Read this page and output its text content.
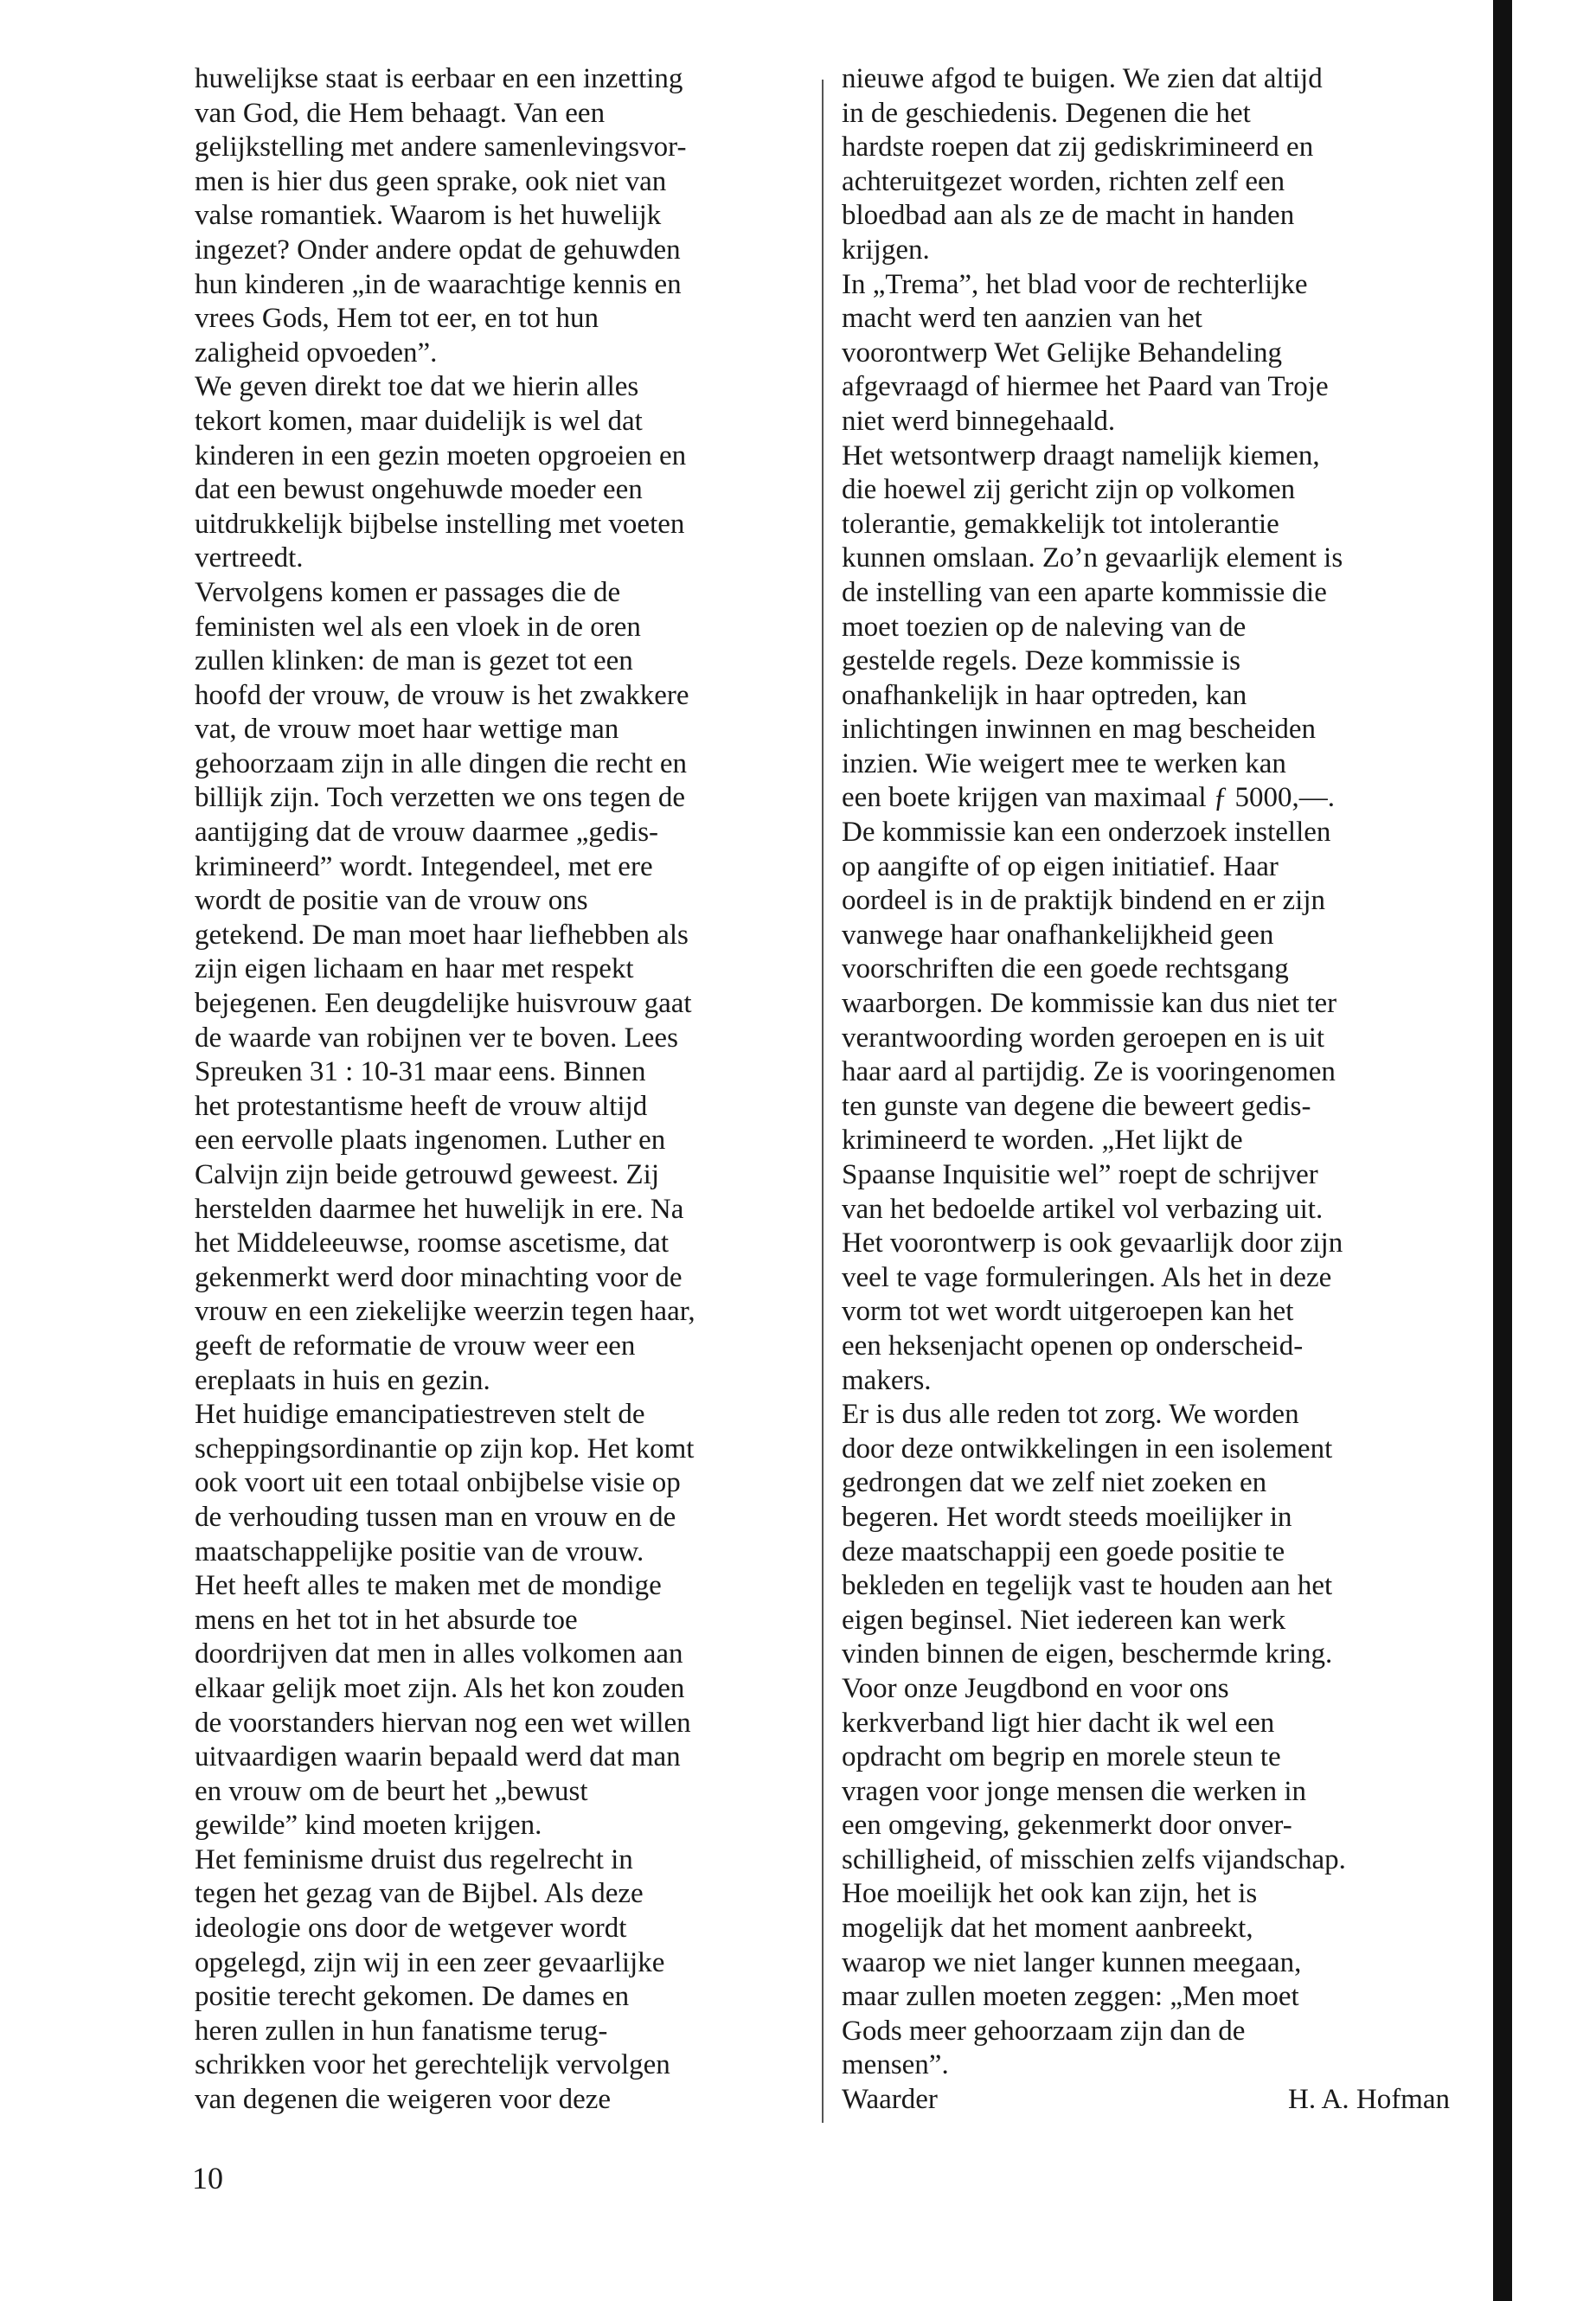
huwelijkse staat is eerbaar en een inzetting
van God, die Hem behaagt. Van een
gelijkstelling met andere samenlevingsvor-
men is hier dus geen sprake, ook niet van
valse romantiek. Waarom is het huwelijk
ingezet? Onder andere opdat de gehuwden
hun kinderen „in de waarachtige kennis en
vrees Gods, Hem tot eer, en tot hun
zaligheid opvoeden”.
We geven direkt toe dat we hierin alles
tekort komen, maar duidelijk is wel dat
kinderen in een gezin moeten opgroeien en
dat een bewust ongehuwde moeder een
uitdrukkelijk bijbelse instelling met voeten
vertreedt.
Vervolgens komen er passages die de
feministen wel als een vloek in de oren
zullen klinken: de man is gezet tot een
hoofd der vrouw, de vrouw is het zwakkere
vat, de vrouw moet haar wettige man
gehoorzaam zijn in alle dingen die recht en
billijk zijn. Toch verzetten we ons tegen de
aantijging dat de vrouw daarmee „gedis-
krimineerd” wordt. Integendeel, met ere
wordt de positie van de vrouw ons
getekend. De man moet haar liefhebben als
zijn eigen lichaam en haar met respekt
bejegenen. Een deugdelijke huisvrouw gaat
de waarde van robijnen ver te boven. Lees
Spreuken 31 : 10-31 maar eens. Binnen
het protestantisme heeft de vrouw altijd
een eervolle plaats ingenomen. Luther en
Calvijn zijn beide getrouwd geweest. Zij
herstelden daarmee het huwelijk in ere. Na
het Middeleeuwse, roomse ascetisme, dat
gekenmerkt werd door minachting voor de
vrouw en een ziekelijke weerzin tegen haar,
geeft de reformatie de vrouw weer een
ereplaats in huis en gezin.
Het huidige emancipatiestreven stelt de
scheppingsordinantie op zijn kop. Het komt
ook voort uit een totaal onbijbelse visie op
de verhouding tussen man en vrouw en de
maatschappelijke positie van de vrouw.
Het heeft alles te maken met de mondige
mens en het tot in het absurde toe
doordrijven dat men in alles volkomen aan
elkaar gelijk moet zijn. Als het kon zouden
de voorstanders hiervan nog een wet willen
uitvaardigen waarin bepaald werd dat man
en vrouw om de beurt het „bewust
gewilde” kind moeten krijgen.
Het feminisme druist dus regelrecht in
tegen het gezag van de Bijbel. Als deze
ideologie ons door de wetgever wordt
opgelegd, zijn wij in een zeer gevaarlijke
positie terecht gekomen. De dames en
heren zullen in hun fanatisme terug-
schrikken voor het gerechtelijk vervolgen
van degenen die weigeren voor deze
nieuwe afgod te buigen. We zien dat altijd
in de geschiedenis. Degenen die het
hardste roepen dat zij gediskrimineerd en
achteruitgezet worden, richten zelf een
bloedbad aan als ze de macht in handen
krijgen.
In „Trema”, het blad voor de rechterlijke
macht werd ten aanzien van het
voorontwerp Wet Gelijke Behandeling
afgevraagd of hiermee het Paard van Troje
niet werd binnegehaald.
Het wetsontwerp draagt namelijk kiemen,
die hoewel zij gericht zijn op volkomen
tolerantie, gemakkelijk tot intolerantie
kunnen omslaan. Zo’n gevaarlijk element is
de instelling van een aparte kommissie die
moet toezien op de naleving van de
gestelde regels. Deze kommissie is
onafhankelijk in haar optreden, kan
inlichtingen inwinnen en mag bescheiden
inzien. Wie weigert mee te werken kan
een boete krijgen van maximaal ƒ 5000,—.
De kommissie kan een onderzoek instellen
op aangifte of op eigen initiatief. Haar
oordeel is in de praktijk bindend en er zijn
vanwege haar onafhankelijkheid geen
voorschriften die een goede rechtsgang
waarborgen. De kommissie kan dus niet ter
verantwoording worden geroepen en is uit
haar aard al partijdig. Ze is vooringenomen
ten gunste van degene die beweert gedis-
krimineerd te worden. „Het lijkt de
Spaanse Inquisitie wel” roept de schrijver
van het bedoelde artikel vol verbazing uit.
Het voorontwerp is ook gevaarlijk door zijn
veel te vage formuleringen. Als het in deze
vorm tot wet wordt uitgeroepen kan het
een heksenjacht openen op onderscheid-
makers.
Er is dus alle reden tot zorg. We worden
door deze ontwikkelingen in een isolement
gedrongen dat we zelf niet zoeken en
begeren. Het wordt steeds moeilijker in
deze maatschappij een goede positie te
bekleden en tegelijk vast te houden aan het
eigen beginsel. Niet iedereen kan werk
vinden binnen de eigen, beschermde kring.
Voor onze Jeugdbond en voor ons
kerkverband ligt hier dacht ik wel een
opdracht om begrip en morele steun te
vragen voor jonge mensen die werken in
een omgeving, gekenmerkt door onver-
schilligheid, of misschien zelfs vijandschap.
Hoe moeilijk het ook kan zijn, het is
mogelijk dat het moment aanbreekt,
waarop we niet langer kunnen meegaan,
maar zullen moeten zeggen: „Men moet
Gods meer gehoorzaam zijn dan de
mensen”.
Waarder	H. A. Hofman
10
